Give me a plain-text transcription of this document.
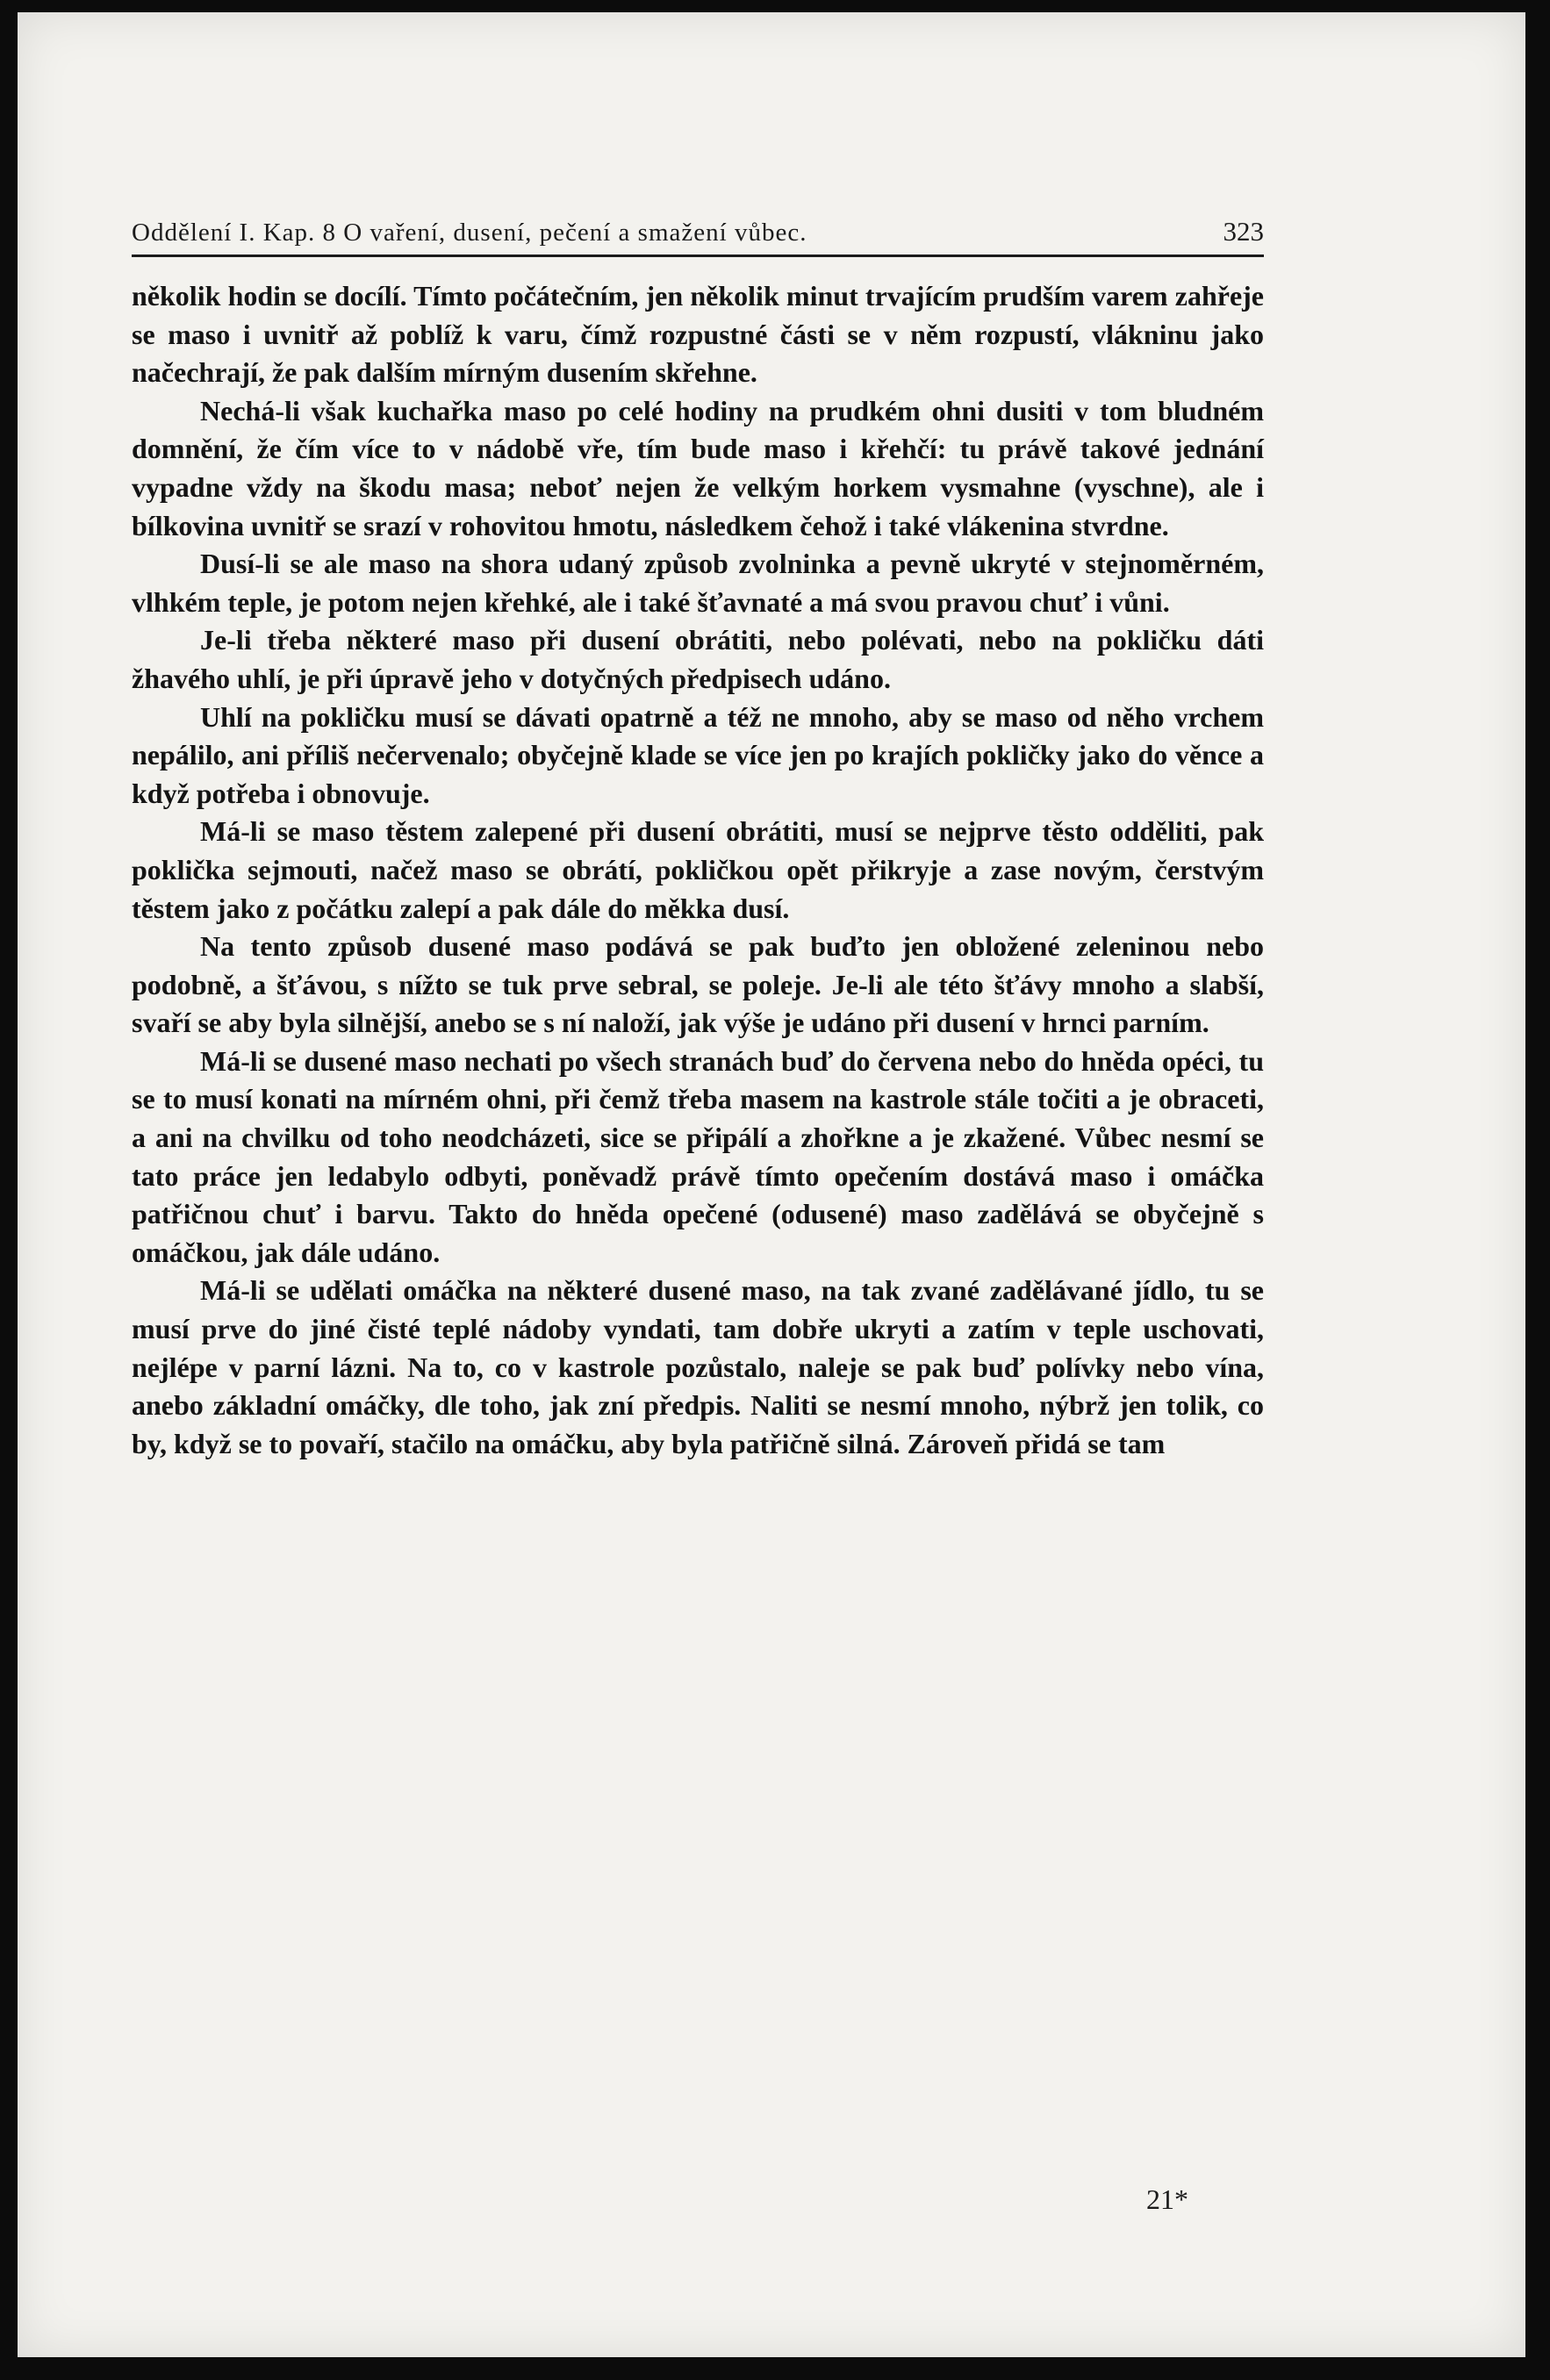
Oddělení I. Kap. 8 O vaření, dusení, pečení a smažení vůbec.	323

několik hodin se docílí. Tímto počátečním, jen několik minut trvajícím prudším varem zahřeje se maso i uvnitř až poblíž k varu, čímž rozpustné části se v něm rozpustí, vlákninu jako načechrají, že pak dalším mírným dusením skřehne.

Nechá-li však kuchařka maso po celé hodiny na prudkém ohni dusiti v tom bludném domnění, že čím více to v nádobě vře, tím bude maso i křehčí: tu právě takové jednání vypadne vždy na škodu masa; neboť nejen že velkým horkem vysmahne (vyschne), ale i bílkovina uvnitř se srazí v rohovitou hmotu, následkem čehož i také vlákenina stvrdne.

Dusí-li se ale maso na shora udaný způsob zvolninka a pevně ukryté v stejnoměrném, vlhkém teple, je potom nejen křehké, ale i také šťavnaté a má svou pravou chuť i vůni.

Je-li třeba některé maso při dusení obrátiti, nebo polévati, nebo na pokličku dáti žhavého uhlí, je při úpravě jeho v dotyčných předpisech udáno.

Uhlí na pokličku musí se dávati opatrně a též ne mnoho, aby se maso od něho vrchem nepálilo, ani příliš nečervenalo; obyčejně klade se více jen po krajích pokličky jako do věnce a když potřeba i obnovuje.

Má-li se maso těstem zalepené při dusení obrátiti, musí se nejprve těsto odděliti, pak poklička sejmouti, načež maso se obrátí, pokličkou opět přikryje a zase novým, čerstvým těstem jako z počátku zalepí a pak dále do měkka dusí.

Na tento způsob dusené maso podává se pak buďto jen obložené zeleninou nebo podobně, a šťávou, s nížto se tuk prve sebral, se poleje. Je-li ale této šťávy mnoho a slabší, svaří se aby byla silnější, anebo se s ní naloží, jak výše je udáno při dusení v hrnci parním.

Má-li se dusené maso nechati po všech stranách buď do červena nebo do hněda opéci, tu se to musí konati na mírném ohni, při čemž třeba masem na kastrole stále točiti a je obraceti, a ani na chvilku od toho neodcházeti, sice se připálí a zhořkne a je zkažené. Vůbec nesmí se tato práce jen ledabylo odbyti, poněvadž právě tímto opečením dostává maso i omáčka patřičnou chuť i barvu. Takto do hněda opečené (odusené) maso zadělává se obyčejně s omáčkou, jak dále udáno.

Má-li se udělati omáčka na některé dusené maso, na tak zvané zadělávané jídlo, tu se musí prve do jiné čisté teplé nádoby vyndati, tam dobře ukryti a zatím v teple uschovati, nejlépe v parní lázni. Na to, co v kastrole pozůstalo, naleje se pak buď polívky nebo vína, anebo základní omáčky, dle toho, jak zní předpis. Naliti se nesmí mnoho, nýbrž jen tolik, co by, když se to povaří, stačilo na omáčku, aby byla patřičně silná. Zároveň přidá se tam

21*
